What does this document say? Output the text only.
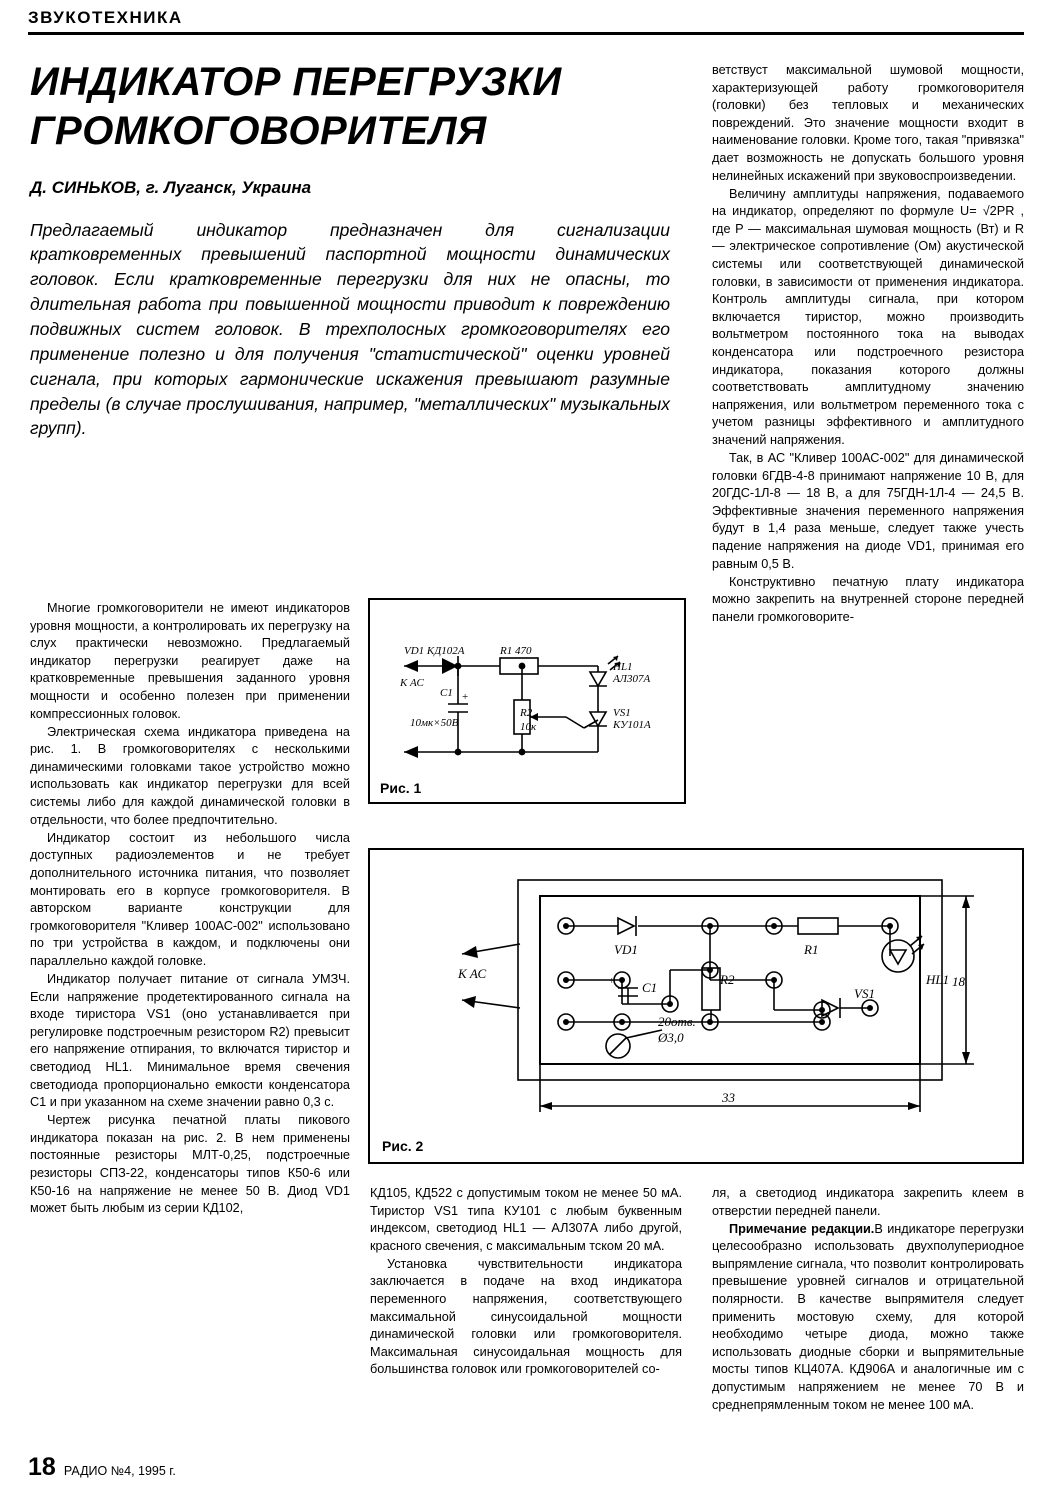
ЗВУКОТЕХНИКА
ИНДИКАТОР ПЕРЕГРУЗКИ ГРОМКОГОВОРИТЕЛЯ
Д. СИНЬКОВ, г. Луганск, Украина
Предлагаемый индикатор предназначен для сигнализации кратковременных превышений паспортной мощности динамических головок. Если кратковременные перегрузки для них не опасны, то длительная работа при повышенной мощности приводит к повреждению подвижных систем головок. В трехполосных громкоговорителях его применение полезно и для получения "статистической" оценки уровней сигнала, при которых гармонические искажения превышают разумные пределы (в случае прослушивания, например, "металлических" музыкальных групп).

Многие громкоговорители не имеют индикаторов уровня мощности, а контролировать их перегрузку на слух практически невозможно. Предлагаемый индикатор перегрузки реагирует даже на кратковременные превышения заданного уровня мощности и особенно полезен при применении компрессионных головок.

Электрическая схема индикатора приведена на рис. 1. В громкоговорителях с несколькими динамическими головками такое устройство можно использовать как индикатор перегрузки для всей системы либо для каждой динамической головки в отдельности, что более предпочтительно.

Индикатор состоит из небольшого числа доступных радиоэлементов и не требует дополнительного источника питания, что позволяет монтировать его в корпусе громкоговорителя. В авторском варианте конструкции для громкоговорителя "Кливер 100АС-002" использовано по три устройства в каждом, и подключены они параллельно каждой головке.

Индикатор получает питание от сигнала УМЗЧ. Если напряжение продетектированного сигнала на входе тиристора VS1 (оно устанавливается при регулировке подстроечным резистором R2) превысит его напряжение отпирания, то включатся тиристор и светодиод HL1. Минимальное время свечения светодиода пропорционально емкости конденсатора С1 и при указанном на схеме значении равно 0,3 с.

Чертеж рисунка печатной платы пикового индикатора показан на рис. 2. В нем применены постоянные резисторы МЛТ-0,25, подстроечные резисторы СПЗ-22, конденсаторы типов К50-6 или К50-16 на напряжение не менее 50 В. Диод VD1 может быть любым из серии КД102,

ветствуст максимальной шумовой мощности, характеризующей работу громкоговорителя (головки) без тепловых и механических повреждений. Это значение мощности входит в наименование головки. Кроме того, такая "привязка" дает возможность не допускать большого уровня нелинейных искажений при звуковоспроизведении.

Величину амплитуды напряжения, подаваемого на индикатор, определяют по формуле U= √2PR , где Р — максимальная шумовая мощность (Вт) и R — электрическое сопротивление (Ом) акустической системы или соответствующей динамической головки, в зависимости от применения индикатора. Контроль амплитуды сигнала, при котором включается тиристор, можно производить вольтметром постоянного тока на выводах конденсатора или подстроечного резистора индикатора, показания которого должны соответствовать амплитудному значению напряжения, или вольтметром переменного тока с учетом разницы эффективного и амплитудного значений напряжения.

Так, в АС "Кливер 100АС-002" для динамической головки 6ГДВ-4-8 принимают напряжение 10 В, для 20ГДС-1Л-8 — 18 В, а для 75ГДН-1Л-4 — 24,5 В. Эффективные значения переменного напряжения будут в 1,4 раза меньше, следует также учесть падение напряжения на диоде VD1, принимая его равным 0,5 В.

Конструктивно печатную плату индикатора можно закрепить на внутренней стороне передней панели громкоговорите-

+
VD1 КД102А	R1 470
HL1
АЛ307А
К АС
С1
10мк×50В
R2
10к
VS1
КУ101А
Рис. 1
VD1	R1
HL1
К АС
С1
+	R2
VS1
20отв.
Ø3,0
33
18
Рис. 2

КД105, КД522 с допустимым током не менее 50 мА. Тиристор VS1 типа КУ101 с любым буквенным индексом, светодиод HL1 — АЛ307А либо другой, красного свечения, с максимальным тском 20 мА.

Установка чувствительности индикатора заключается в подаче на вход индикатора переменного напряжения, соответствующего максимальной синусоидальной мощности динамической головки или громкоговорителя. Максимальная синусоидальная мощность для большинства головок или громкоговорителей со-

ля, а светодиод индикатора закрепить клеем в отверстии передней панели.

Примечание редакции.В индикаторе перегрузки целесообразно использовать двухполупериодное выпрямление сигнала, что позволит контролировать превышение уровней сигналов и отрицательной полярности. В качестве выпрямителя следует применить мостовую схему, для которой необходимо четыре диода, можно также использовать диодные сборки и выпрямительные мосты типов КЦ407А. КД906А и аналогичные им с допустимым напряжением не менее 70 В и среднепрямленным током не менее 100 мА.

18 РАДИО №4, 1995 г.
